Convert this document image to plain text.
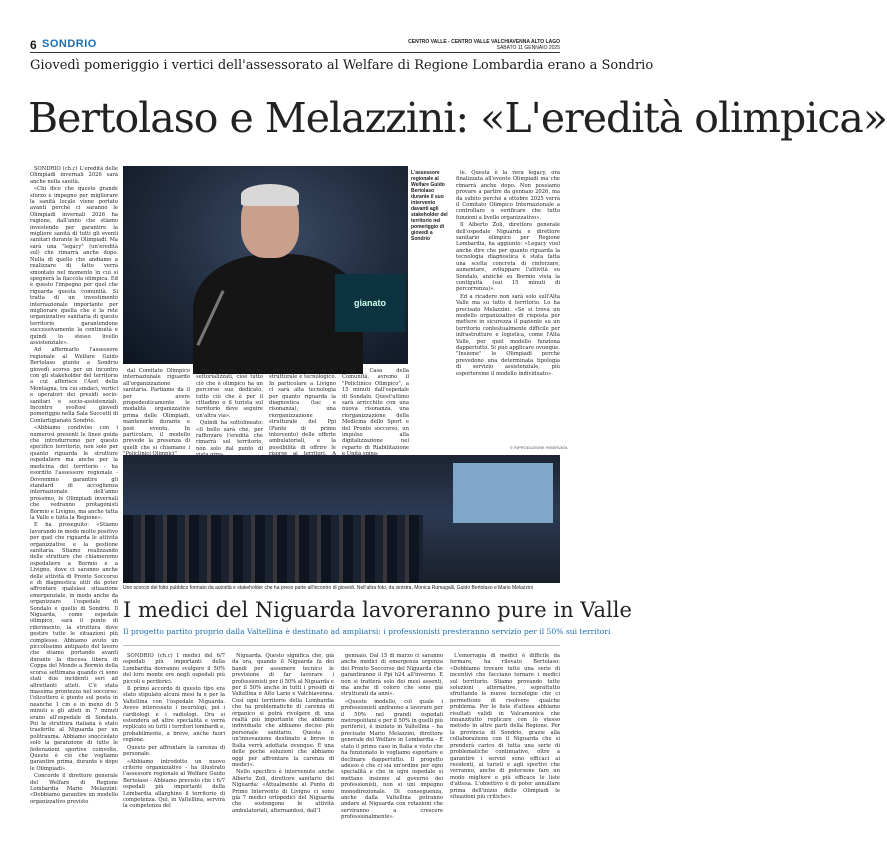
6 SONDRIO	CENTRO VALLE - CENTRO VALLE VALCHIAVENNA ALTO LAGO
SABATO 11 GENNAIO 2025
Giovedì pomeriggio i vertici dell'assessorato al Welfare di Regione Lombardia erano a Sondrio
Bertolaso e Melazzini: «L'eredità olimpica»

SONDRIO (ch.c) L'eredità delle Olimpiadi invernali 2026 sarà anche nella sanità.

«Chi dice che questo grande sforzo e impegno per migliorare la sanità locale viene portato avanti perché ci saranno le Olimpiadi invernali 2026 ha ragione, dall'anno che stiamo investendo per garantire la migliore sanità di tutti gli eventi sanitari durante le Olimpiadi. Ma sarà una "legacy" (un'eredità sul) che rimarrà anche dopo. Nulla di quello che andiamo a realizzare di fatto verrà smontato nel momento in cui si spegnerà la fiaccola olimpica. Ed è questo l'impegno per quel che riguarda questa comunità. Si tratta di un investimento internazionale importante per migliorare quella che è la rete organizzativo sanitaria di questo territorio garantendone successivamente la continuità e quindi lo stesso livello assistenziale».

Ad affermarlo l'assessore regionale al Welfare Guido Bertolaso giunto a Sondrio giovedì scorso per un incontro con gli stakeholder del territorio a cui afferisce l'Asst della Montagna, tra cui sindaci, vertici e operatori dei presidi socio-sanitari e socio-assistenziali. Incontro svoltosi giovedì pomeriggio nella Sala Succetti di Confartigianato Sondrio.

«Abbiamo condiviso con i numerosi presenti le linee guida che introdurremo per questo specifico territorio, non solo per quanto riguarda le strutture ospedaliere ma anche per la medicina del territorio - ha esordito l'assessore regionale - Dovremmo garantire gli standard di accoglienza internazionale dell'anno prossimo, le Olimpiadi invernali che vedranno protagonisti Bormio e Livigno, ma anche tutta la Valle e tutta la Regione».

E ha proseguito: «Stiamo lavorando in modo molto positivo per quel che riguarda le attività organizzative e la gestione sanitaria. Stiamo realizzando delle strutture che chiameremo ospedaliere a Bormio e a Livigno, dove ci saranno anche delle attività di Pronto Soccorso e di diagnostica utili da poter affrontare qualsiasi situazione emergenziale, in modo anche da organizzare l'ospedale di Sondalo e quello di Sondrio. Il Niguarda, come ospedale olimpico, sarà il punto di riferimento, la struttura dove gestire tutte le situazioni più complesse. Abbiamo avuto un piccolissimo antipasto del lavoro che stiamo portando avanti durante la discesa libera di Coppa del Mondo a Bormio della scorsa settimana quando ci sono stati due incidenti seri ad altrettanti atleti. C'è stata massima prontezza nel soccorso: l'elicottero è giunto sul posto in neanche 1 cm e in meno di 5 minuti e gli atleti in 7 minuti erano all'ospedale di Sondalo. Poi la struttura italiana è stato trasferito al Niguarda per un politrauma. Abbiamo snocciolato solo la garanzione di tutte le federazioni sportive coinvolte. Questo è ciò che vogliamo garantire prima, durante e dopo le Olimpiadi».

Concorde il direttore generale del Welfare di Regione Lombardia Mario Melazzini: «Dobbiamo garantire un modello organizzativo previsto

gianato
L'assessore regionale al Welfare Guido Bertolaso durante il suo intervento davanti agli stakeholder del territorio nel pomeriggio di giovedì a Sondrio

dal Comitato Olimpico internazionale riguardo all'organizzazione sanitaria. Partiamo da il per avere propedeuticamente le modalità organizzative prima delle Olimpiadi, mantenerle durante e post evento. In particolare, il modello prevede la presenza di quelli che si chiamano i

che devono essere settorializzati, cioè tutto ciò che è olimpico ha un percorso suo dedicato, tutto ciò che è per il cittadino o il turista sul territorio deve seguire un'altra via».

Quindi ha sottolineato: «Il bello sarà che, per rafforzare l'eredità che rimarrà sul territorio, non solo dal punto di

nizzativo, ma anche strutturale e tecnologico. In particolare a Livigno ci sarà alta tecnologia per quanto riguarda la diagnostica (tac e risonanza), una riorganizzazione strutturale del Ppi (Punto di primo intervento) delle offerte ambulatoriali, e la possibilità di offrire le

alla Casa della Comunità, avremo il "Policlinico Olimpico", a 15 minuti dall'ospedale di Sondalo. Quest'ultimo sarà arricchito con una nuova risonanza, una riorganizzazione della Medicina dello Sport e del Pronto soccorso, un impulso alla digitalizzazione nel reparto di Riabilitazione

le. Questa è la vera legacy, ora finalizzata all'evento Olimpiadi ma che rimarrà anche dopo. Non possiamo provare a partire da gennaio 2026, ma da subito perché a ottobre 2025 verrà il Comitato Olimpico Internazionale a controllare e verificare che tutto funzioni a livello organizzativo».

Il Alberto Zoli, direttore generale dell'ospedale Niguarda e direttore sanitario olimpico per Regione Lombardia, ha aggiunto: «Legacy vuol anche dire che per quanto riguarda la tecnologia diagnostica è stata fatta una scelta concreta di rinforzare, aumentare, sviluppare l'attività su Sondalo, anziché su Bormio vista la contiguità (sui 15 minuti di percorrenza)».

Ed a ricadere non sarà solo sull'Alta Valle ma su tutto il territorio. Lo ha precisato Melazzini: «Se si trova un modello organizzativo di risposta per mettere in sicurezza il paziente su un territorio contestualmente difficile per infrastrutture e logistica, come l'Alta Valle, per quel modello funziona dappertutto. Si può applicare ovunque. "Insieme" le Olimpiadi perché prevedono una determinata tipologia di servizio assistenziale, più esportereme il modello individuato».

© RIPRODUZIONE RISERVATA
Uno scorcio del folto pubblico formato da autorità e stakeholder che ha preso parte all'incontro di giovedì. Nell'altra foto, da sinistra, Monica Rumagalli, Guido Bertolaso e Mario Melazzini
I medici del Niguarda lavoreranno pure in Valle
Il progetto partito proprio dalla Valtellina è destinato ad ampliarsi: i professionisti presteranno servizio per il 50% sui territori

SONDRIO (ch.c) I medici del 6/7 ospedali più importanti della Lombardia dovranno svolgere il 50% del loro monte ore negli ospedali più piccoli e periferici.

Il primo accordo di questo tipo era stato stipulato alcuni mesi fa e per la Valtellina con l'ospedale Niguarda. Avevo interessato i neurologi, poi i cardiologi e i radiologi. Ora si estenderà ad altre specialità e verrà replicato su tutti i territori lombardi e, probabilmente, a breve, anche fuori regione.

Questo per affrontare la carenza di personale.

«Abbiamo introdotto un nuovo criterio organizzativo - ha illustrato l'assessore regionale al Welfare Guido Bertolaso - Abbiamo previsto che i 6/7 ospedali più importanti della Lombardia allarghino il territorio di competenza. Qui, in Valtellina, servirà la competenza del

Niguarda. Questo significa che, già da ora, quando il Niguarda fa dei bandi per assumere tecnico le previsione di far lavorare i professionisti per il 50% al Niguarda e per il 50% anche in tutti i presidi di Valtellina o Alto Lario e Valchiavenna. Così ogni territorio della Lombardia che ha problematiche di carenza di organico si potrà rivolgere di una realtà più importante che abbiamo individuato che abbiamo deciso più personale sanitario. Questa è un'innovazione destinato a breve in Italia verrà adottata ovunque. È una delle poche soluzioni che abbiamo oggi per affrontare la carenza di medici».

Nello specifico è intervenuto anche Alberto Zoli, direttore sanitario del Niguarda: «Attualmente al Punto di Primo Intervento di Livigno ci sono già 7 medici ortopedici del Niguarda che sostengono le attività ambulatoriali, alternandosi, dall'1

gennaio. Dal 15 di marzo ci saranno anche medici di emergenza urgenza del Pronto Soccorso del Niguarda che garantiranno il Ppi h24 all'inverno. E non si tratterà solo dei mesi assenti, ma anche di coloro che sono già strutturati da anni».

«Questo modello, col quale i professionisti andranno a lavorare per il 50% nel grandi ospedali metropolitani e per il 50% in quelli più periferici, è iniziato in Valtellina - ha precisato Mario Melazzini, direttore generale del Welfare in Lombardia - È stato il primo caso in Italia e visto che ha funzionato lo vogliamo esportare e declinare dappertutto. Il progetto adesso è che ci sia un'ordine per ogni specialità e che in ogni ospedale si mettano insieme al governo dei professionisti, non si uni impegno monodirezionale. Di conseguenza, anche dalla Valtellina potranno andare al Niguarda con rotazioni che serviranno a crescere professionalmente».

L'emorragia di medici è difficile da fermare, ha rilevato Bertolaso: «Dobbiamo trovare tutte una serie di incentivi che facciano tornare i medici sul territorio. Stiamo provando tutte soluzioni alternative, soprattutto sfruttando le nuove tecnologie che ci permettono di risolvere qualche problema. Per le liste d'attesa abbiamo risultati validi in Valcamonica che innanzitutto replicare con lo stesso metodo in altre parti della Regione. Per la provincia di Sondrio, grazie alla collaborazione con il Niguarda che si prenderà carico di tutta una serie di problematiche continuative, oltre a garantire i servizi sono efficaci ai residenti, ai turisti e agli sportivi che verranno, anche di potersene fare un modo migliore e più efficace le liste d'attesa. L'obiettivo è di poter annullare prima dell'inizio delle Olimpiadi le situazioni più critiche».
